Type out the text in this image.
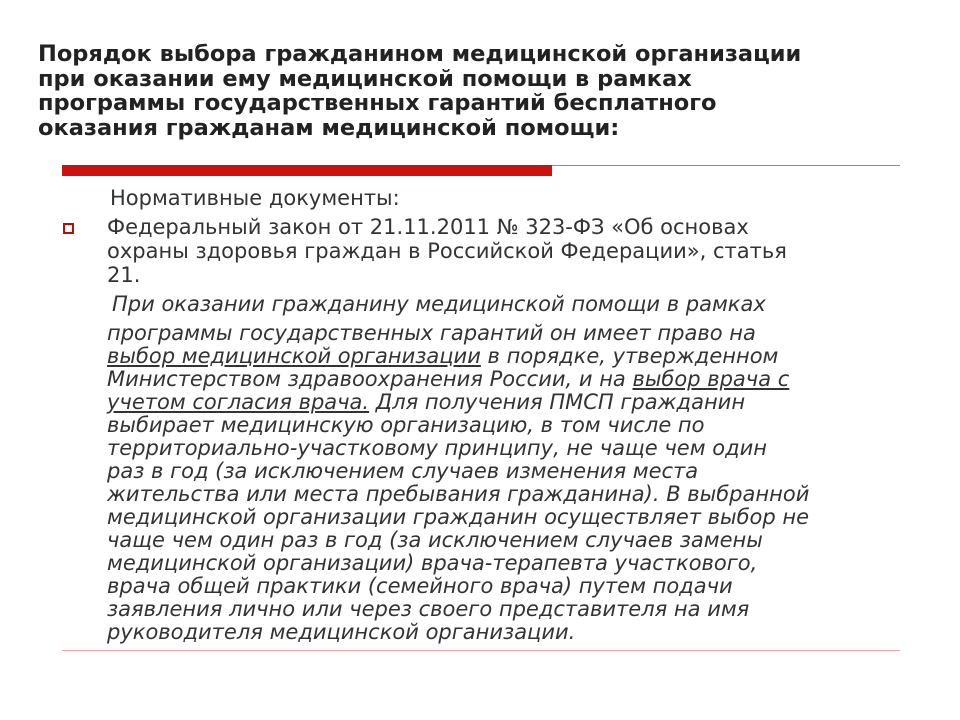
Порядок выбора гражданином медицинской организации
при оказании ему медицинской помощи в рамках
программы государственных гарантий бесплатного
оказания гражданам медицинской помощи:
Нормативные документы:
Федеральный закон от 21.11.2011 № 323-ФЗ «Об основах
охраны здоровья граждан в Российской Федерации», статья
21.
При оказании гражданину медицинской помощи в рамках
программы государственных гарантий он имеет право на
выбор медицинской организации в порядке, утвержденном
Министерством здравоохранения России, и на выбор врача с
учетом согласия врача. Для получения ПМСП гражданин
выбирает медицинскую организацию, в том числе по
территориально-участковому принципу, не чаще чем один
раз в год (за исключением случаев изменения места
жительства или места пребывания гражданина). В выбранной
медицинской организации гражданин осуществляет выбор не
чаще чем один раз в год (за исключением случаев замены
медицинской организации) врача-терапевта участкового,
врача общей практики (семейного врача) путем подачи
заявления лично или через своего представителя на имя
руководителя медицинской организации.
